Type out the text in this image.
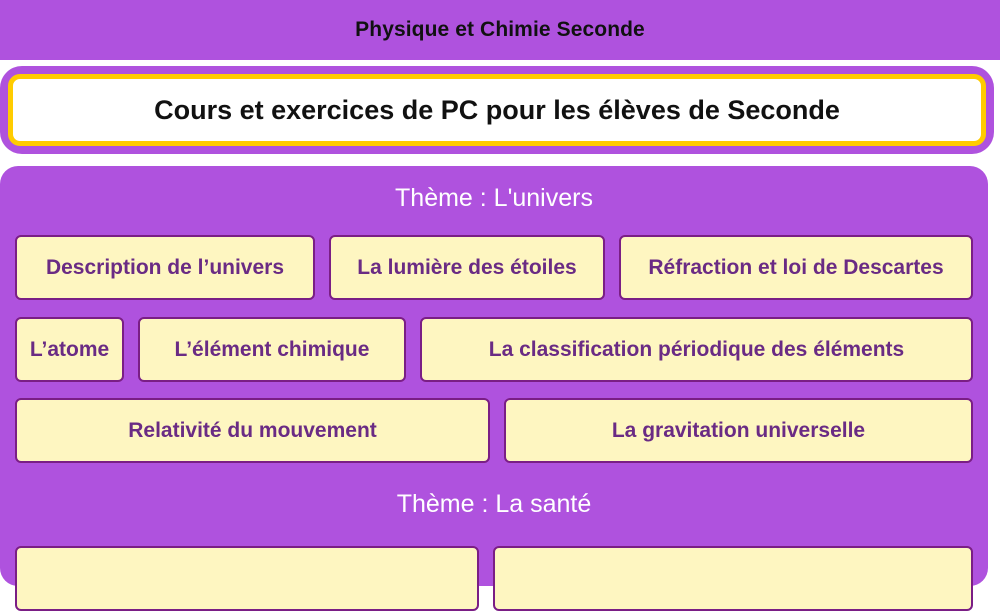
Physique et Chimie Seconde
Cours et exercices de PC pour les élèves de Seconde
Thème : L'univers
Description de l’univers	La lumière des étoiles	Réfraction et loi de Descartes
L’atome	L’élément chimique	La classification périodique des éléments
Relativité du mouvement	La gravitation universelle
Thème : La santé
